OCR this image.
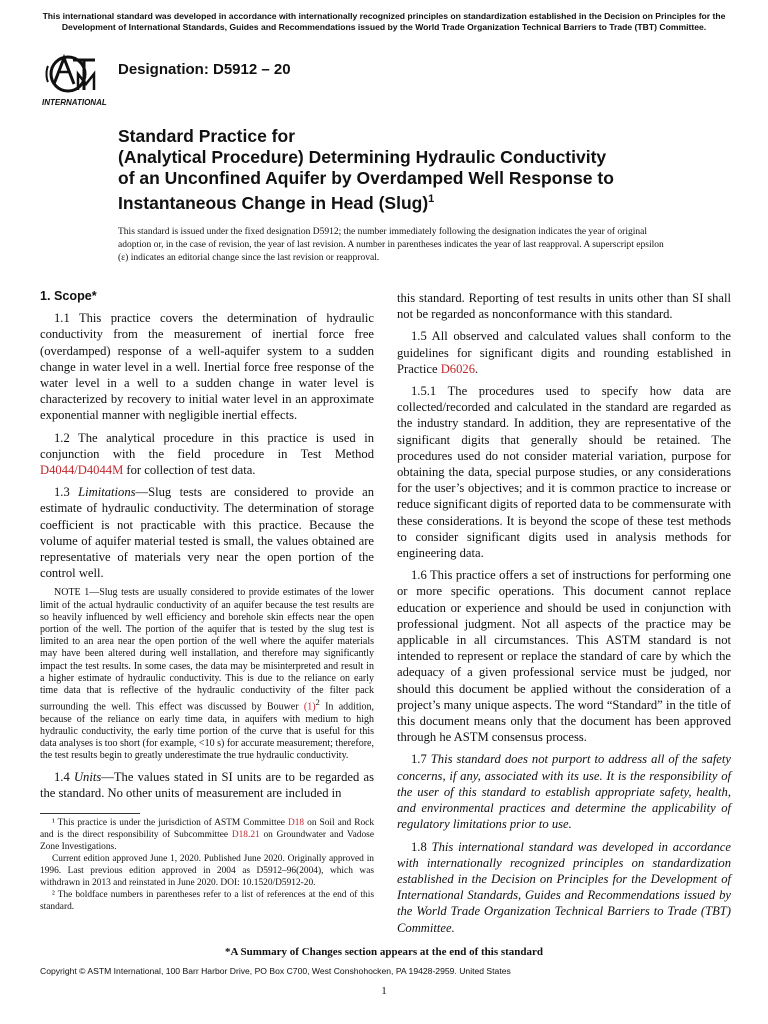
This international standard was developed in accordance with internationally recognized principles on standardization established in the Decision on Principles for the Development of International Standards, Guides and Recommendations issued by the World Trade Organization Technical Barriers to Trade (TBT) Committee.
INTERNATIONAL
Designation: D5912 – 20
Standard Practice for
(Analytical Procedure) Determining Hydraulic Conductivity
of an Unconfined Aquifer by Overdamped Well Response to
Instantaneous Change in Head (Slug)$^1$
This standard is issued under the fixed designation D5912; the number immediately following the designation indicates the year of original adoption or, in the case of revision, the year of last revision. A number in parentheses indicates the year of last reapproval. A superscript epsilon (ε) indicates an editorial change since the last revision or reapproval.
1. Scope*

1.1 This practice covers the determination of hydraulic conductivity from the measurement of inertial force free (overdamped) response of a well-aquifer system to a sudden change in water level in a well. Inertial force free response of the water level in a well to a sudden change in water level is characterized by recovery to initial water level in an approximate exponential manner with negligible inertial effects.

1.2 The analytical procedure in this practice is used in conjunction with the field procedure in Test Method D4044/D4044M for collection of test data.

1.3 Limitations—Slug tests are considered to provide an estimate of hydraulic conductivity. The determination of storage coefficient is not practicable with this practice. Because the volume of aquifer material tested is small, the values obtained are representative of materials very near the open portion of the control well.

NOTE 1—Slug tests are usually considered to provide estimates of the lower limit of the actual hydraulic conductivity of an aquifer because the test results are so heavily influenced by well efficiency and borehole skin effects near the open portion of the well. The portion of the aquifer that is tested by the slug test is limited to an area near the open portion of the well where the aquifer materials may have been altered during well installation, and therefore may significantly impact the test results. In some cases, the data may be misinterpreted and result in a higher estimate of hydraulic conductivity. This is due to the reliance on early time data that is reflective of the hydraulic conductivity of the filter pack surrounding the well. This effect was discussed by Bouwer $(1)^2$ In addition, because of the reliance on early time data, in aquifers with medium to high hydraulic conductivity, the early time portion of the curve that is useful for this data analyses is too short (for example, <10 s) for accurate measurement; therefore, the test results begin to greatly underestimate the true hydraulic conductivity.

1.4 Units—The values stated in SI units are to be regarded as the standard. No other units of measurement are included in

¹ This practice is under the jurisdiction of ASTM Committee D18 on Soil and Rock and is the direct responsibility of Subcommittee D18.21 on Groundwater and Vadose Zone Investigations.

Current edition approved June 1, 2020. Published June 2020. Originally approved in 1996. Last previous edition approved in 2004 as D5912–96(2004), which was withdrawn in 2013 and reinstated in June 2020. DOI: 10.1520/D5912-20.

² The boldface numbers in parentheses refer to a list of references at the end of this standard.

this standard. Reporting of test results in units other than SI shall not be regarded as nonconformance with this standard.

1.5 All observed and calculated values shall conform to the guidelines for significant digits and rounding established in Practice D6026.

1.5.1 The procedures used to specify how data are collected/recorded and calculated in the standard are regarded as the industry standard. In addition, they are representative of the significant digits that generally should be retained. The procedures used do not consider material variation, purpose for obtaining the data, special purpose studies, or any considerations for the user’s objectives; and it is common practice to increase or reduce significant digits of reported data to be commensurate with these considerations. It is beyond the scope of these test methods to consider significant digits used in analysis methods for engineering data.

1.6 This practice offers a set of instructions for performing one or more specific operations. This document cannot replace education or experience and should be used in conjunction with professional judgment. Not all aspects of the practice may be applicable in all circumstances. This ASTM standard is not intended to represent or replace the standard of care by which the adequacy of a given professional service must be judged, nor should this document be applied without the consideration of a project’s many unique aspects. The word “Standard” in the title of this document means only that the document has been approved through he ASTM consensus process.

1.7 This standard does not purport to address all of the safety concerns, if any, associated with its use. It is the responsibility of the user of this standard to establish appropriate safety, health, and environmental practices and determine the applicability of regulatory limitations prior to use.

1.8 This international standard was developed in accordance with internationally recognized principles on standardization established in the Decision on Principles for the Development of International Standards, Guides and Recommendations issued by the World Trade Organization Technical Barriers to Trade (TBT) Committee.

*A Summary of Changes section appears at the end of this standard
Copyright © ASTM International, 100 Barr Harbor Drive, PO Box C700, West Conshohocken, PA 19428-2959. United States
1
